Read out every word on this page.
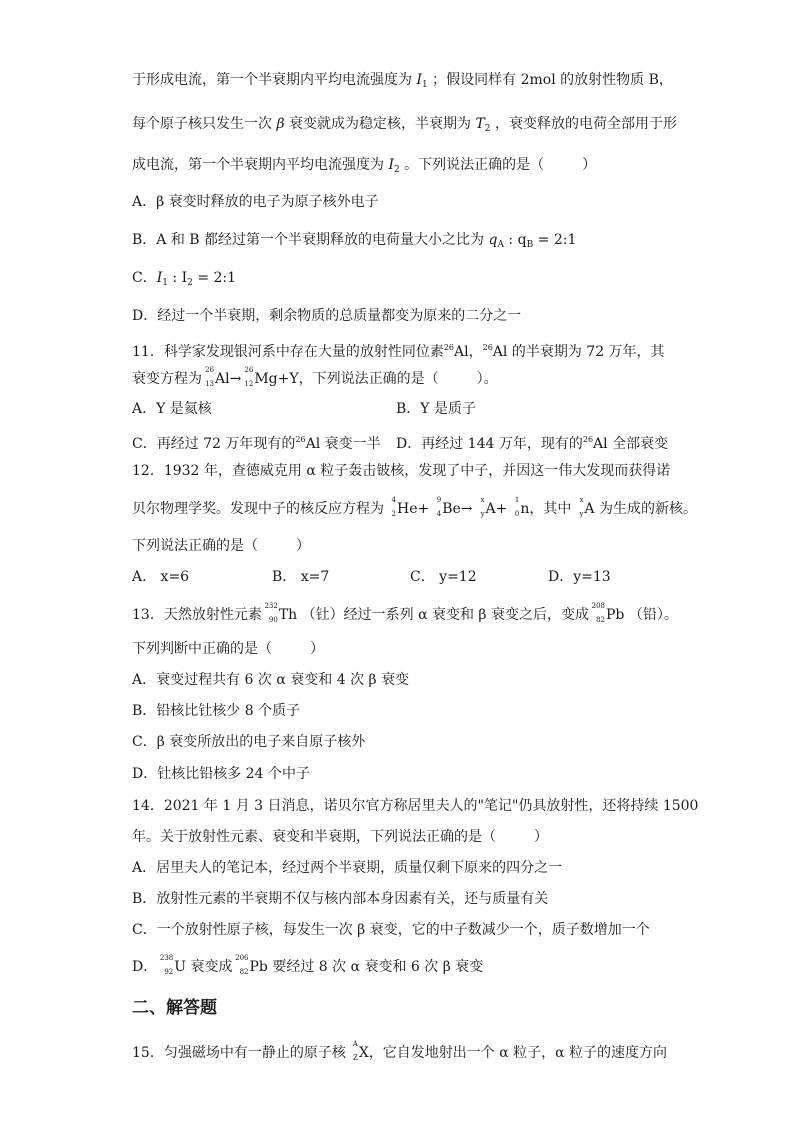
于形成电流，第一个半衰期内平均电流强度为 $I_1$ ；假设同样有 2mol 的放射性物质 B，
每个原子核只发生一次 β 衰变就成为稳定核，半衰期为 $T_2$ ，衰变释放的电荷全部用于形
成电流，第一个半衰期内平均电流强度为 $I_2$ 。下列说法正确的是（	）
A．β 衰变时释放的电子为原子核外电子
B．A 和 B 都经过第一个半衰期释放的电荷量大小之比为 $q_A$ : $q_B$ = 2:1
C．$I_1$ : $I_2$ = 2:1
D．经过一个半衰期，剩余物质的总质量都变为原来的二分之一
11．科学家发现银河系中存在大量的放射性同位素$^{26}$Al，$^{26}$Al 的半衰期为 72 万年，其
衰变方程为
26
13 Al→
26
12 Mg+Y，下列说法正确的是（	）。
A．Y 是氦核	B．Y 是质子
C．再经过 72 万年现有的$^{26}$Al 衰变一半 D．再经过 144 万年，现有的$^{26}$Al 全部衰变
12．1932 年，查德威克用 α 粒子轰击铍核，发现了中子，并因这一伟大发现而获得诺
贝尔物理学奖。发现中子的核反应方程为
4
2 He+
9
4 Be→
x
y A+
1
0 n，其中
x
y A 为生成的新核。
下列说法正确的是（	）
A． x=6	B． x=7	C． y=12	D．y=13
13．天然放射性元素
232
90 Th （钍）经过一系列 α 衰变和 β 衰变之后，变成
208
82 Pb （铅）。
下列判断中正确的是（	）
A．衰变过程共有 6 次 α 衰变和 4 次 β 衰变
B．铅核比钍核少 8 个质子
C．β 衰变所放出的电子来自原子核外
D．钍核比铅核多 24 个中子
14．2021 年 1 月 3 日消息，诺贝尔官方称居里夫人的"笔记"仍具放射性，还将持续 1500
年。关于放射性元素、衰变和半衰期，下列说法正确的是（	）
A．居里夫人的笔记本，经过两个半衰期，质量仅剩下原来的四分之一
B．放射性元素的半衰期不仅与核内部本身因素有关，还与质量有关
C．一个放射性原子核，每发生一次 β 衰变，它的中子数减少一个，质子数增加一个
D．
238
92 U 衰变成
206
82 Pb 要经过 8 次 α 衰变和 6 次 β 衰变
二、解答题
15．匀强磁场中有一静止的原子核
A
Z X，它自发地射出一个 α 粒子，α 粒子的速度方向
